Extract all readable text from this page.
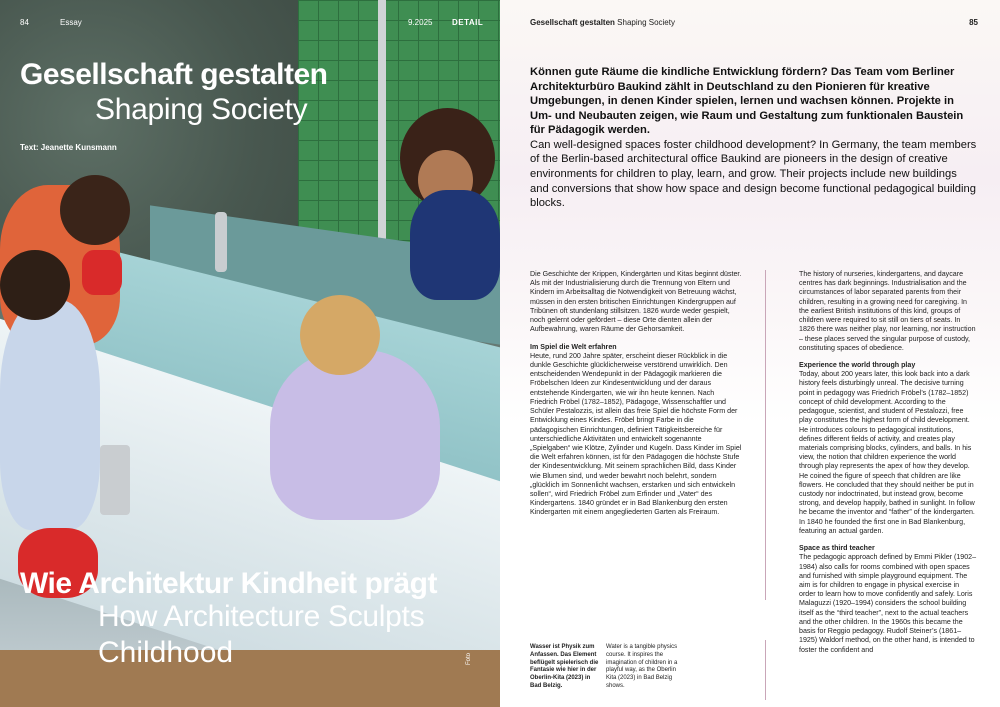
84	Essay	9.2025 DETAIL
Gesellschaft gestalten
Shaping Society
Text: Jeanette Kunsmann
Wie Architektur Kindheit prägt
How Architecture Sculpts
Childhood	Foto
Gesellschaft gestalten Shaping Society	85
Können gute Räume die kindliche Entwicklung fördern? Das Team vom Berliner Architekturbüro Baukind zählt in Deutschland zu den Pionieren für kreative Umgebungen, in denen Kinder spielen, lernen und wachsen können. Projekte in Um- und Neubauten zeigen, wie Raum und Gestaltung zum funktionalen Baustein für Pädagogik werden.
Can well-designed spaces foster childhood development? In Germany, the team members of the Berlin-based architectural office Baukind are pioneers in the design of creative environments for children to play, learn, and grow. Their projects include new buildings and conversions that show how space and design become functional pedagogical building blocks.

Die Geschichte der Krippen, Kindergärten und Kitas beginnt düster. Als mit der Industrialisierung durch die Trennung von Eltern und Kindern im Arbeitsalltag die Notwendigkeit von Betreuung wächst, müssen in den ersten britischen Einrichtungen Kindergruppen auf Tribünen oft stundenlang stillsitzen. 1826 wurde weder gespielt, noch gelernt oder gefördert – diese Orte dienten allein der Aufbewahrung, waren Räume der Gehorsamkeit.

Im Spiel die Welt erfahren

Heute, rund 200 Jahre später, erscheint dieser Rückblick in die dunkle Geschichte glücklicherweise verstörend unwirklich. Den entscheidenden Wendepunkt in der Pädagogik markieren die Fröbelschen Ideen zur Kindesentwicklung und der daraus entstehende Kindergarten, wie wir ihn heute kennen. Nach Friedrich Fröbel (1782–1852), Pädagoge, Wissenschaftler und Schüler Pestalozzis, ist allein das freie Spiel die höchste Form der Entwicklung eines Kindes. Fröbel bringt Farbe in die pädagogischen Einrichtungen, definiert Tätigkeitsbereiche für unterschiedliche Aktivitäten und entwickelt sogenannte „Spielgaben“ wie Klötze, Zylinder und Kugeln. Dass Kinder im Spiel die Welt erfahren können, ist für den Pädagogen die höchste Stufe der Kindesentwicklung. Mit seinem sprachlichen Bild, dass Kinder wie Blumen sind, und weder bewahrt noch belehrt, sondern „glücklich im Sonnenlicht wachsen, erstarken und sich entwickeln sollen“, wird Friedrich Fröbel zum Erfinder und „Vater“ des Kindergartens. 1840 gründet er in Bad Blankenburg den ersten Kindergarten mit einem angegliederten Garten als Freiraum.

The history of nurseries, kindergartens, and daycare centres has dark beginnings. Industrialisation and the circumstances of labor separated parents from their children, resulting in a growing need for caregiving. In the earliest British institutions of this kind, groups of children were required to sit still on tiers of seats. In 1826 there was neither play, nor learning, nor instruction – these places served the singular purpose of custody, constituting spaces of obedience.

Experience the world through play

Today, about 200 years later, this look back into a dark history feels disturbingly unreal. The decisive turning point in pedagogy was Friedrich Fröbel’s (1782–1852) concept of child development. According to the pedagogue, scientist, and student of Pestalozzi, free play constitutes the highest form of child development. He introduces colours to pedagogical institutions, defines different fields of activity, and creates play materials comprising blocks, cylinders, and balls. In his view, the notion that children experience the world through play represents the apex of how they develop. He coined the figure of speech that children are like flowers. He concluded that they should neither be put in custody nor indoctrinated, but instead grow, become strong, and develop happily, bathed in sunlight. In follow he became the inventor and “father” of the kindergarten. In 1840 he founded the first one in Bad Blankenburg, featuring an actual garden.

Space as third teacher

The pedagogic approach defined by Emmi Pikler (1902–1984) also calls for rooms combined with open spaces and furnished with simple playground equipment. The aim is for children to engage in physical exercise in order to learn how to move confidently and safely. Loris Malaguzzi (1920–1994) considers the school building itself as the “third teacher”, next to the actual teachers and the other children. In the 1960s this became the basis for Reggio pedagogy. Rudolf Steiner’s (1861–1925) Waldorf method, on the other hand, is intended to foster the confident and

Wasser ist Physik zum Anfassen. Das Element beflügelt spielerisch die Fantasie wie hier in der Oberlin-Kita (2023) in Bad Belzig.
Water is a tangible physics course. It inspires the imagination of children in a playful way, as the Oberlin Kita (2023) in Bad Belzig shows.
